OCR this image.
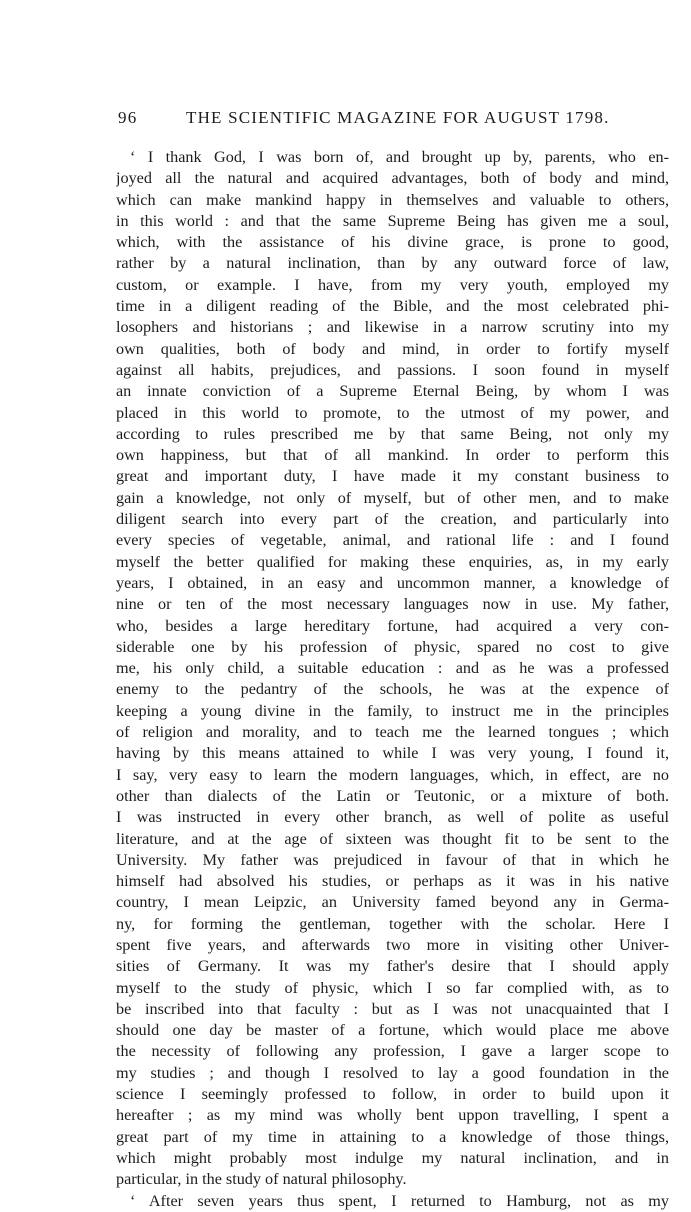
96	THE SCIENTIFIC MAGAZINE FOR AUGUST 1798.
‘ I thank God, I was born of, and brought up by, parents, who en-
joyed all the natural and acquired advantages, both of body and mind,
which can make mankind happy in themselves and valuable to others,
in this world : and that the same Supreme Being has given me a soul,
which, with the assistance of his divine grace, is prone to good,
rather by a natural inclination, than by any outward force of law,
custom, or example. I have, from my very youth, employed my
time in a diligent reading of the Bible, and the most celebrated phi-
losophers and historians ; and likewise in a narrow scrutiny into my
own qualities, both of body and mind, in order to fortify myself
against all habits, prejudices, and passions. I soon found in myself
an innate conviction of a Supreme Eternal Being, by whom I was
placed in this world to promote, to the utmost of my power, and
according to rules prescribed me by that same Being, not only my
own happiness, but that of all mankind. In order to perform this
great and important duty, I have made it my constant business to
gain a knowledge, not only of myself, but of other men, and to make
diligent search into every part of the creation, and particularly into
every species of vegetable, animal, and rational life : and I found
myself the better qualified for making these enquiries, as, in my early
years, I obtained, in an easy and uncommon manner, a knowledge of
nine or ten of the most necessary languages now in use. My father,
who, besides a large hereditary fortune, had acquired a very con-
siderable one by his profession of physic, spared no cost to give
me, his only child, a suitable education : and as he was a professed
enemy to the pedantry of the schools, he was at the expence of
keeping a young divine in the family, to instruct me in the principles
of religion and morality, and to teach me the learned tongues ; which
having by this means attained to while I was very young, I found it,
I say, very easy to learn the modern languages, which, in effect, are no
other than dialects of the Latin or Teutonic, or a mixture of both.
I was instructed in every other branch, as well of polite as useful
literature, and at the age of sixteen was thought fit to be sent to the
University. My father was prejudiced in favour of that in which he
himself had absolved his studies, or perhaps as it was in his native
country, I mean Leipzic, an University famed beyond any in Germa-
ny, for forming the gentleman, together with the scholar. Here I
spent five years, and afterwards two more in visiting other Univer-
sities of Germany. It was my father's desire that I should apply
myself to the study of physic, which I so far complied with, as to
be inscribed into that faculty : but as I was not unacquainted that I
should one day be master of a fortune, which would place me above
the necessity of following any profession, I gave a larger scope to
my studies ; and though I resolved to lay a good foundation in the
science I seemingly professed to follow, in order to build upon it
hereafter ; as my mind was wholly bent uppon travelling, I spent a
great part of my time in attaining to a knowledge of those things,
which might probably most indulge my natural inclination, and in
particular, in the study of natural philosophy.
‘ After seven years thus spent, I returned to Hamburg, not as my
